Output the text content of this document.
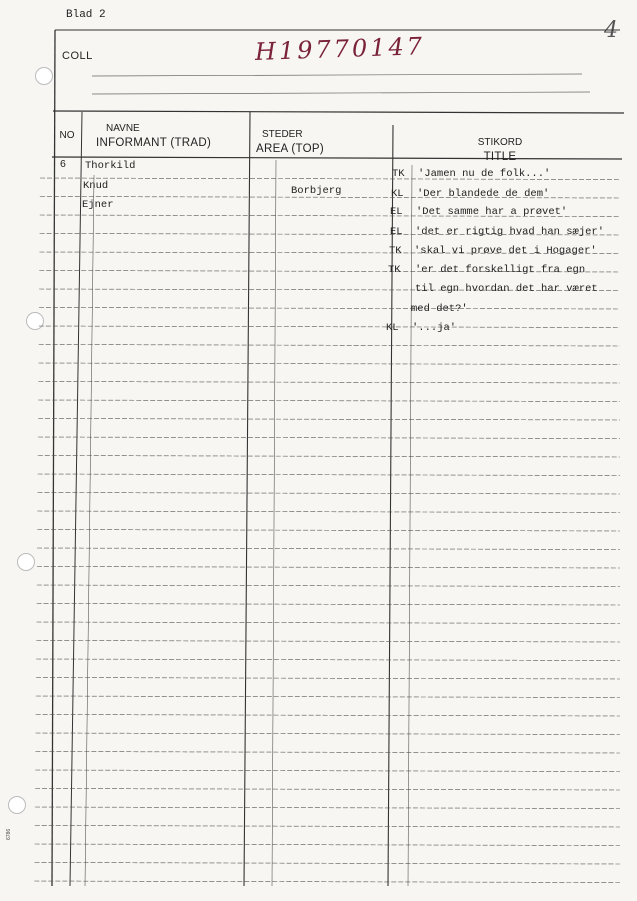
Blad 2
4
COLL	H19770147
NO
NAVNE
INFORMANT (TRAD)
STEDER
AREA (TOP)	STIKORD
TITLE
6 Thorkild
Knud
Ejner
Borbjerg
TK 'Jamen nu de folk...'
KL 'Der blandede de dem'
EL 'Det samme har a prøvet'
EL 'det er rigtig hvad han sæjer'
TK 'skal vi prøve det i Hogager'
TK 'er det forskelligt fra egn
til egn hvordan det har været
med det?'
KL '...ja'
6786
